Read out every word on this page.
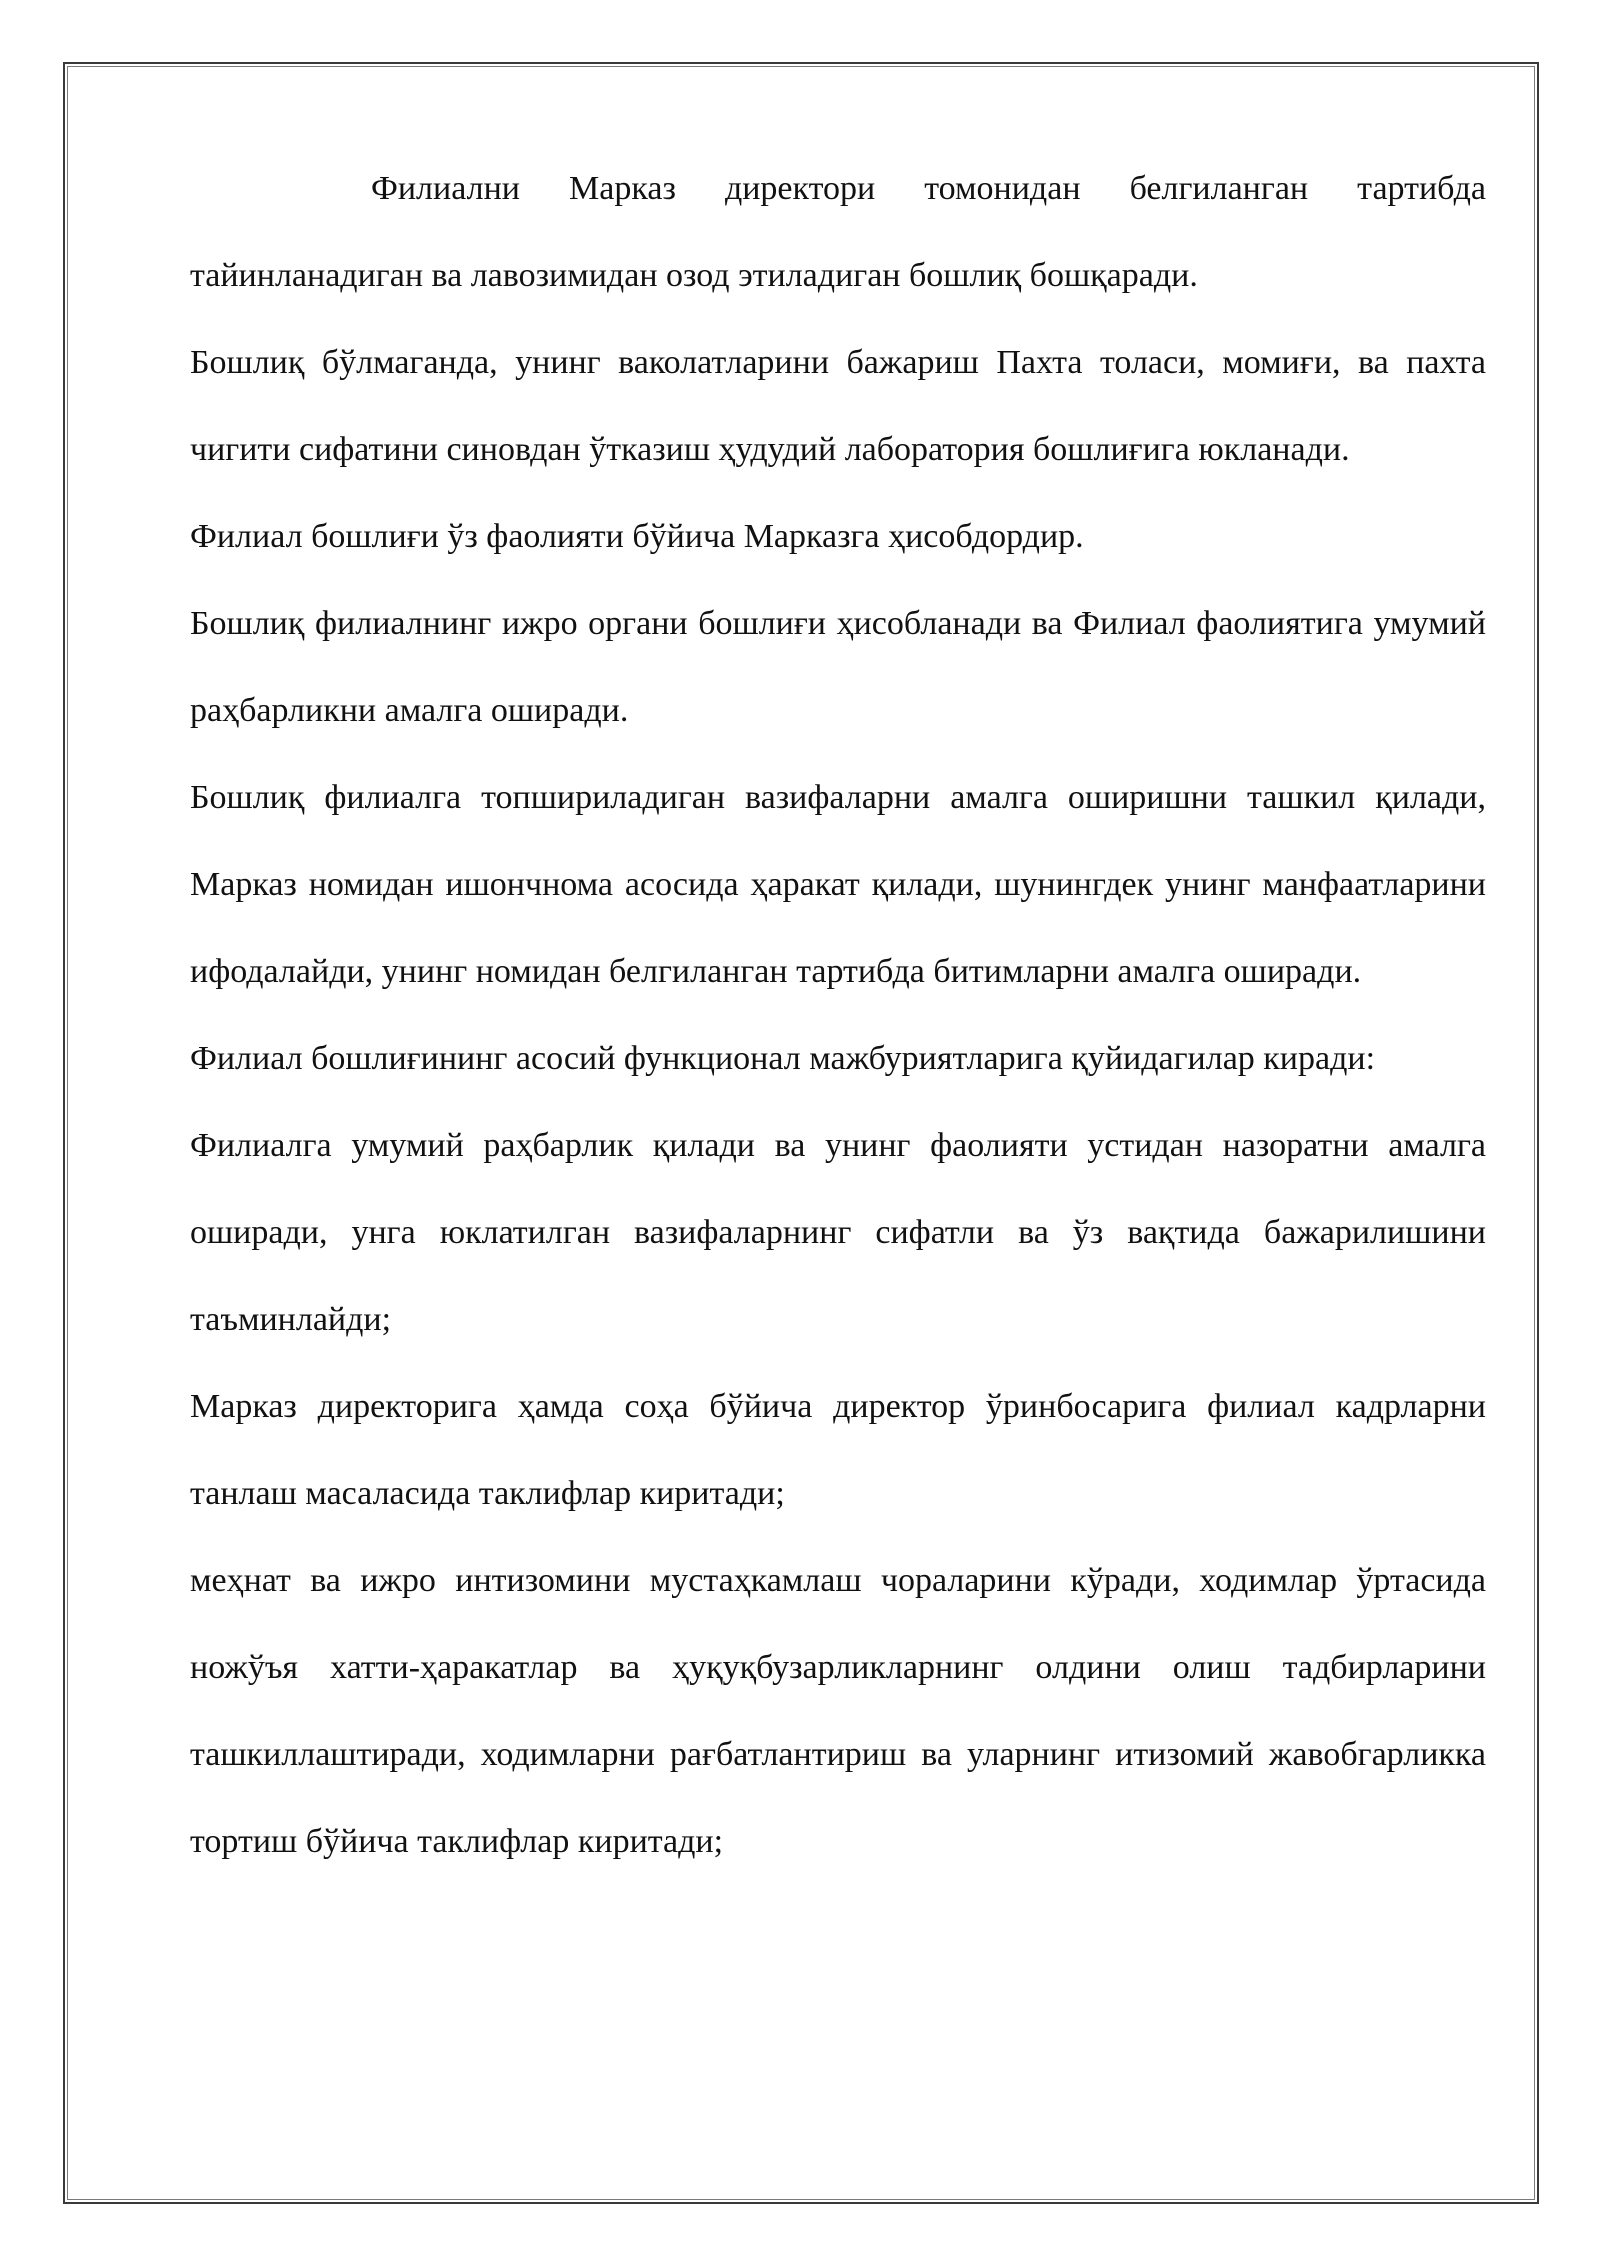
Филиални Марказ директори томонидан белгиланган тартибда тайинланадиган ва лавозимидан озод этиладиган бошлиқ бошқаради.

Бошлиқ бўлмаганда, унинг ваколатларини бажариш Пахта толаси, момиғи, ва пахта чигити сифатини синовдан ўтказиш ҳудудий лаборатория бошлиғига юкланади.

Филиал бошлиғи ўз фаолияти бўйича Марказга ҳисобдордир.

Бошлиқ филиалнинг ижро органи бошлиғи ҳисобланади ва Филиал фаолиятига умумий раҳбарликни амалга оширади.

Бошлиқ филиалга топшириладиган вазифаларни амалга оширишни ташкил қилади, Марказ номидан ишончнома асосида ҳаракат қилади, шунингдек унинг манфаатларини ифодалайди, унинг номидан белгиланган тартибда битимларни амалга оширади.

Филиал бошлиғининг асосий функционал мажбуриятларига қуйидагилар киради:

Филиалга умумий раҳбарлик қилади ва унинг фаолияти устидан назоратни амалга оширади, унга юклатилган вазифаларнинг сифатли ва ўз вақтида бажарилишини таъминлайди;

Марказ директорига ҳамда соҳа бўйича директор ўринбосарига филиал кадрларни танлаш масаласида таклифлар киритади;

меҳнат ва ижро интизомини мустаҳкамлаш чораларини кўради, ходимлар ўртасида ножўъя хатти-ҳаракатлар ва ҳуқуқбузарликларнинг олдини олиш тадбирларини ташкиллаштиради, ходимларни рағбатлантириш ва уларнинг итизомий жавобгарликка тортиш бўйича таклифлар киритади;
